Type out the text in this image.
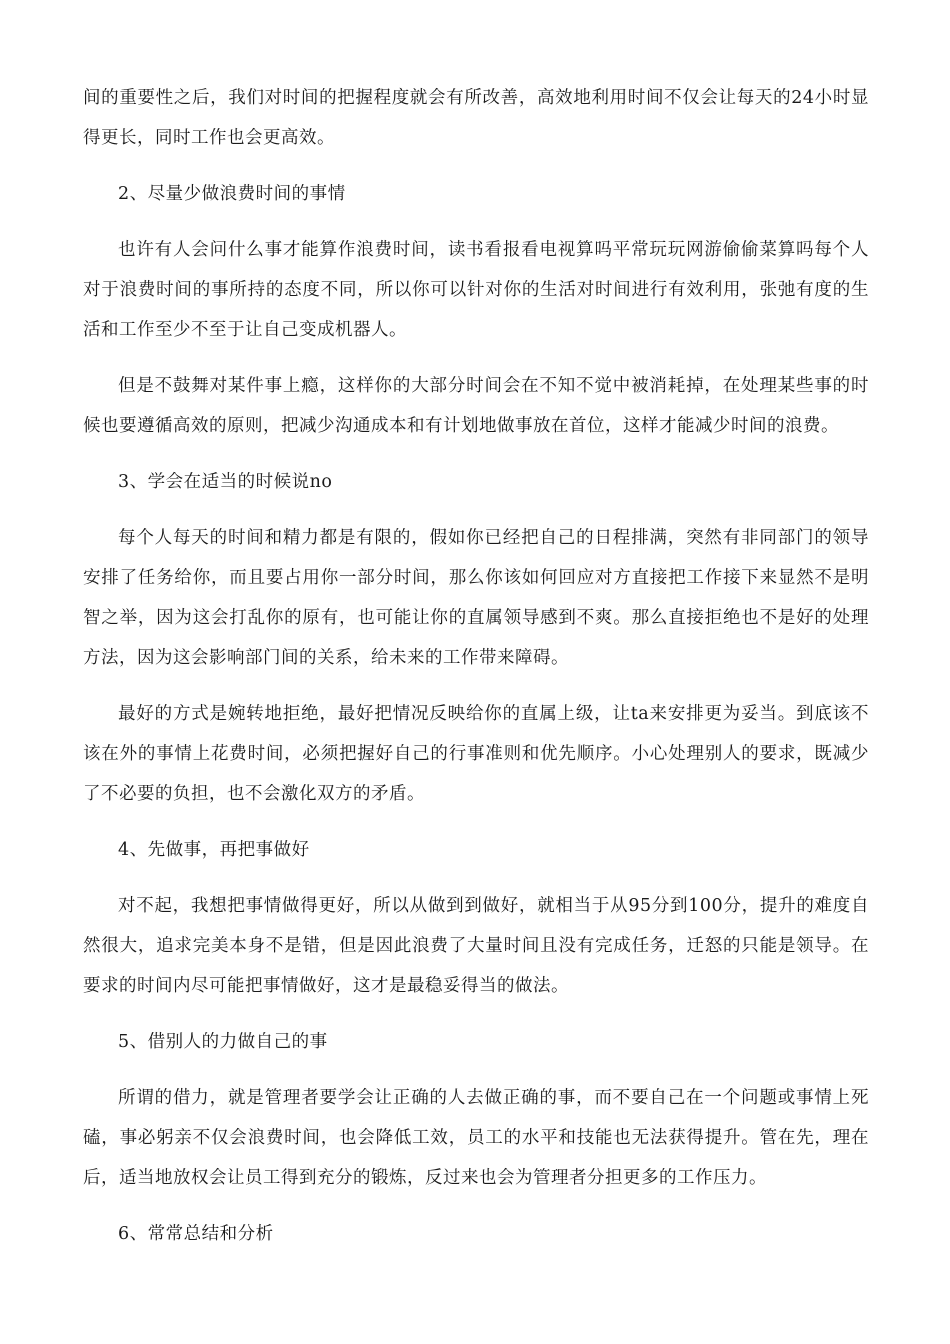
间的重要性之后，我们对时间的把握程度就会有所改善，高效地利用时间不仅会让每天的24小时显得更长，同时工作也会更高效。

2、尽量少做浪费时间的事情

也许有人会问什么事才能算作浪费时间，读书看报看电视算吗平常玩玩网游偷偷菜算吗每个人对于浪费时间的事所持的态度不同，所以你可以针对你的生活对时间进行有效利用，张弛有度的生活和工作至少不至于让自己变成机器人。

但是不鼓舞对某件事上瘾，这样你的大部分时间会在不知不觉中被消耗掉，在处理某些事的时候也要遵循高效的原则，把减少沟通成本和有计划地做事放在首位，这样才能减少时间的浪费。

3、学会在适当的时候说no

每个人每天的时间和精力都是有限的，假如你已经把自己的日程排满，突然有非同部门的领导安排了任务给你，而且要占用你一部分时间，那么你该如何回应对方直接把工作接下来显然不是明智之举，因为这会打乱你的原有，也可能让你的直属领导感到不爽。那么直接拒绝也不是好的处理方法，因为这会影响部门间的关系，给未来的工作带来障碍。

最好的方式是婉转地拒绝，最好把情况反映给你的直属上级，让ta来安排更为妥当。到底该不该在外的事情上花费时间，必须把握好自己的行事准则和优先顺序。小心处理别人的要求，既减少了不必要的负担，也不会激化双方的矛盾。

4、先做事，再把事做好

对不起，我想把事情做得更好，所以从做到到做好，就相当于从95分到100分，提升的难度自然很大，追求完美本身不是错，但是因此浪费了大量时间且没有完成任务，迁怒的只能是领导。在要求的时间内尽可能把事情做好，这才是最稳妥得当的做法。

5、借别人的力做自己的事

所谓的借力，就是管理者要学会让正确的人去做正确的事，而不要自己在一个问题或事情上死磕，事必躬亲不仅会浪费时间，也会降低工效，员工的水平和技能也无法获得提升。管在先，理在后，适当地放权会让员工得到充分的锻炼，反过来也会为管理者分担更多的工作压力。

6、常常总结和分析
